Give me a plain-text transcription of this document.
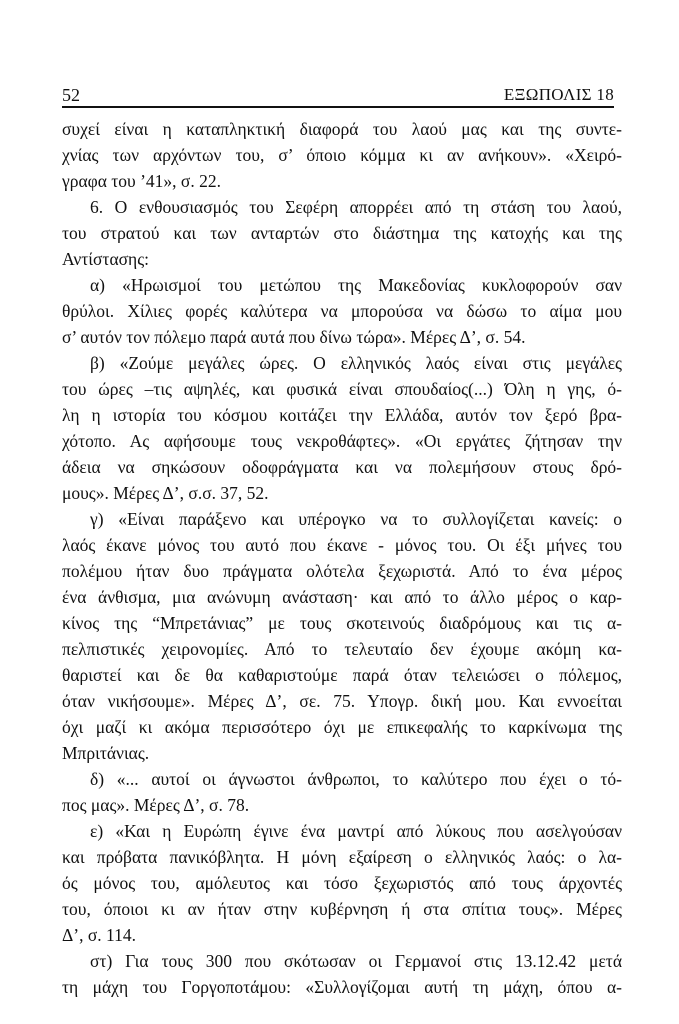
52	ΕΞΩΠΟΛΙΣ 18
συχεί είναι η καταπληκτική διαφορά του λαού μας και της συντε-
χνίας των αρχόντων του, σ’ όποιο κόμμα κι αν ανήκουν». «Χειρό-
γραφα του ’41», σ. 22.
6. Ο ενθουσιασμός του Σεφέρη απορρέει από τη στάση του λαού,
του στρατού και των ανταρτών στο διάστημα της κατοχής και της
Αντίστασης:
α) «Ηρωισμοί του μετώπου της Μακεδονίας κυκλοφορούν σαν
θρύλοι. Χίλιες φορές καλύτερα να μπορούσα να δώσω το αίμα μου
σ’ αυτόν τον πόλεμο παρά αυτά που δίνω τώρα». Μέρες Δ’, σ. 54.
β) «Ζούμε μεγάλες ώρες. Ο ελληνικός λαός είναι στις μεγάλες
του ώρες –τις αψηλές, και φυσικά είναι σπουδαίος(...) Όλη η γης, ό-
λη η ιστορία του κόσμου κοιτάζει την Ελλάδα, αυτόν τον ξερό βρα-
χότοπο. Ας αφήσουμε τους νεκροθάφτες». «Οι εργάτες ζήτησαν την
άδεια να σηκώσουν οδοφράγματα και να πολεμήσουν στους δρό-
μους». Μέρες Δ’, σ.σ. 37, 52.
γ) «Είναι παράξενο και υπέρογκο να το συλλογίζεται κανείς: ο
λαός έκανε μόνος του αυτό που έκανε - μόνος του. Οι έξι μήνες του
πολέμου ήταν δυο πράγματα ολότελα ξεχωριστά. Από το ένα μέρος
ένα άνθισμα, μια ανώνυμη ανάσταση· και από το άλλο μέρος ο καρ-
κίνος της “Μπρετάνιας” με τους σκοτεινούς διαδρόμους και τις α-
πελπιστικές χειρονομίες. Από το τελευταίο δεν έχουμε ακόμη κα-
θαριστεί και δε θα καθαριστούμε παρά όταν τελειώσει ο πόλεμος,
όταν νικήσουμε». Μέρες Δ’, σε. 75. Υπογρ. δική μου. Και εννοείται
όχι μαζί κι ακόμα περισσότερο όχι με επικεφαλής το καρκίνωμα της
Μπριτάνιας.
δ) «... αυτοί οι άγνωστοι άνθρωποι, το καλύτερο που έχει ο τό-
πος μας». Μέρες Δ’, σ. 78.
ε) «Και η Ευρώπη έγινε ένα μαντρί από λύκους που ασελγούσαν
και πρόβατα πανικόβλητα. Η μόνη εξαίρεση ο ελληνικός λαός: ο λα-
ός μόνος του, αμόλευτος και τόσο ξεχωριστός από τους άρχοντές
του, όποιοι κι αν ήταν στην κυβέρνηση ή στα σπίτια τους». Μέρες
Δ’, σ. 114.
στ) Για τους 300 που σκότωσαν οι Γερμανοί στις 13.12.42 μετά
τη μάχη του Γοργοποτάμου: «Συλλογίζομαι αυτή τη μάχη, όπου α-
